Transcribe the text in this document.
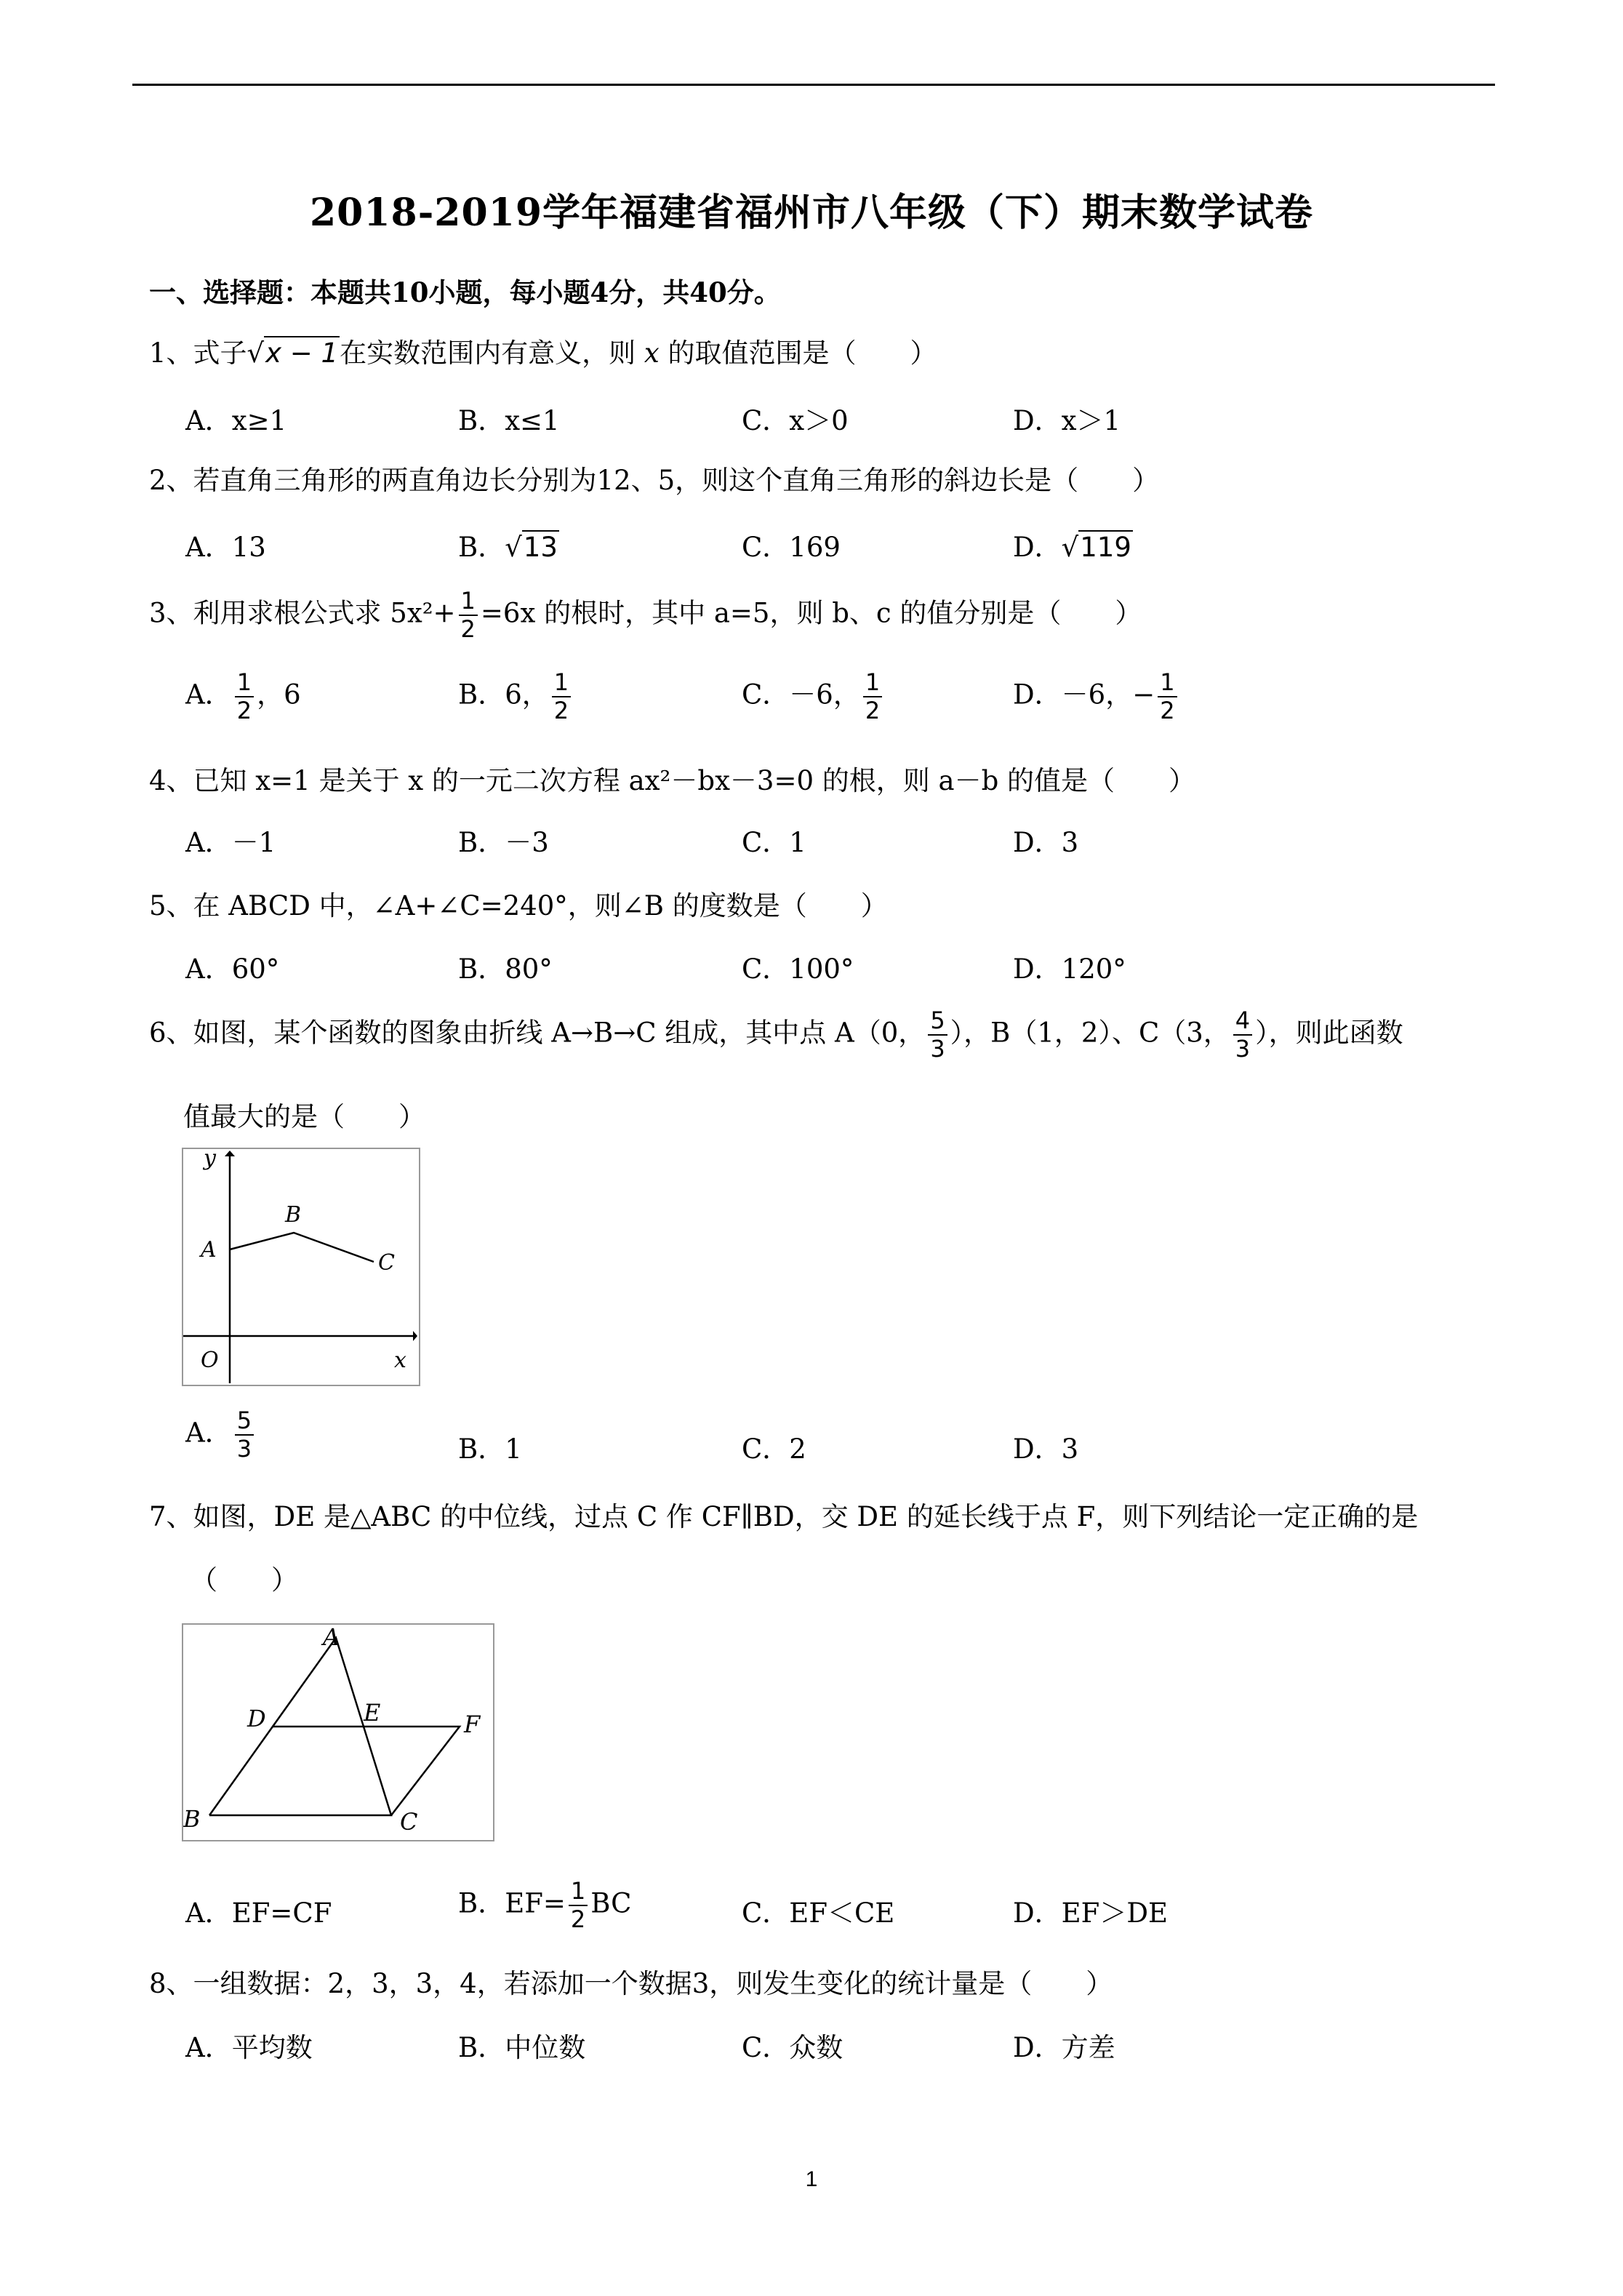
2018-2019学年福建省福州市八年级（下）期末数学试卷
一、选择题：本题共10小题，每小题4分，共40分。
1、式子√x − 1在实数范围内有意义，则 x 的取值范围是（　　）
A．x≥1	B．x≤1	C．x＞0	D．x＞1
2、若直角三角形的两直角边长分别为12、5，则这个直角三角形的斜边长是（　　）
A．13	B．√13	C．169	D．√119
3、利用求根公式求 $5x^2+ \frac{1}{2} =6x$ 的根时，其中 a=5，则 b、c 的值分别是（　　）
A． $\frac{1}{2}$ ，6	B．6， $\frac{1}{2}$	C．－6， $\frac{1}{2}$	D．－6，− $\frac{1}{2}$
4、已知 x=1 是关于 x 的一元二次方程 ax²－bx－3=0 的根，则 a－b 的值是（　　）
A．－1	B．－3	C．1	D．3
5、在 ABCD 中，∠A+∠C=240°，则∠B 的度数是（　　）
A．60°	B．80°	C．100°	D．120°
6、如图，某个函数的图象由折线 A→B→C 组成，其中点 A（0， $\frac{5}{3}$ ），B（1，2）、C（3， $\frac{4}{3}$ ），则此函数
值最大的是（　　）
y
x
O
A
B
C
A． $\frac{5}{3}$	B．1	C．2	D．3
7、如图，DE 是△ABC 的中位线，过点 C 作 CF∥BD，交 DE 的延长线于点 F，则下列结论一定正确的是
（　　）
A
B	C
D	E	F
A．EF=CF	B．$EF= \frac{1}{2}$ BC	C．EF＜CE	D．EF＞DE
8、一组数据：2，3，3，4，若添加一个数据3，则发生变化的统计量是（　　）
A．平均数	B．中位数	C．众数	D．方差
1
